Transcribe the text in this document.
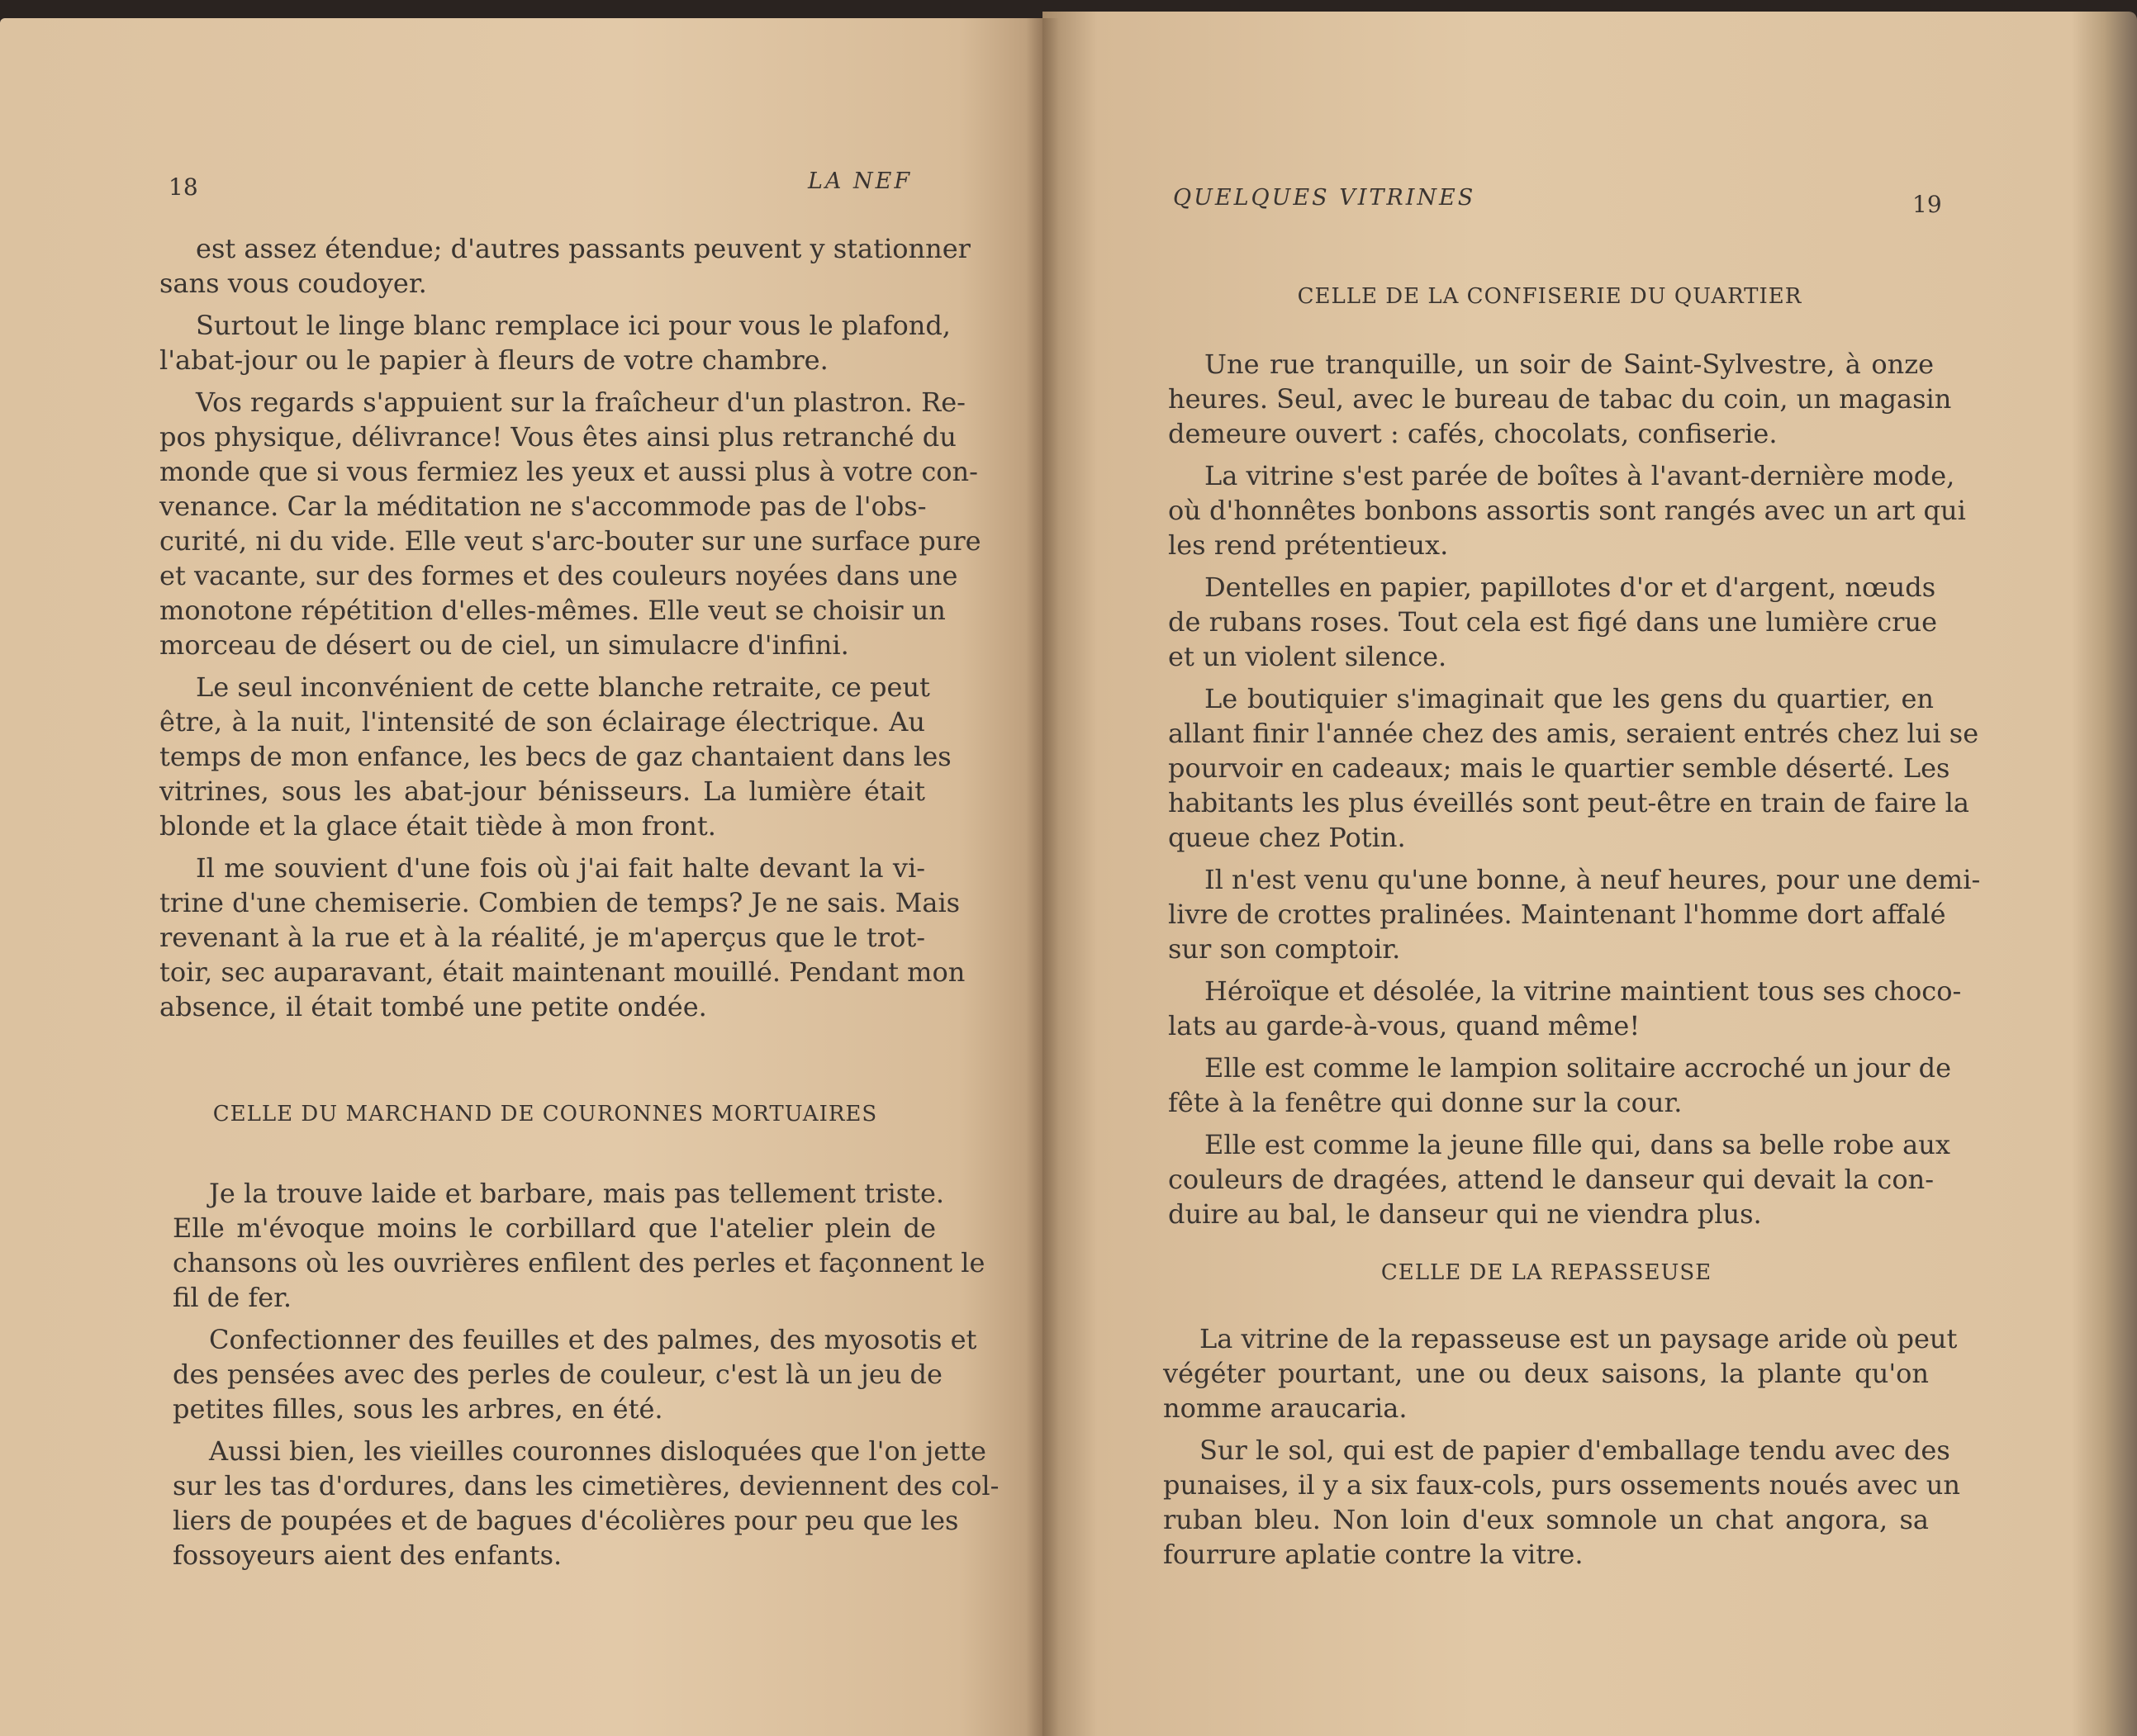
18	LA NEF
est assez étendue; d'autres passants peuvent y stationner
sans vous coudoyer.
Surtout le linge blanc remplace ici pour vous le plafond,
l'abat-jour ou le papier à fleurs de votre chambre.
Vos regards s'appuient sur la fraîcheur d'un plastron. Re-
pos physique, délivrance! Vous êtes ainsi plus retranché du
monde que si vous fermiez les yeux et aussi plus à votre con-
venance. Car la méditation ne s'accommode pas de l'obs-
curité, ni du vide. Elle veut s'arc-bouter sur une surface pure
et vacante, sur des formes et des couleurs noyées dans une
monotone répétition d'elles-mêmes. Elle veut se choisir un
morceau de désert ou de ciel, un simulacre d'infini.
Le seul inconvénient de cette blanche retraite, ce peut
être, à la nuit, l'intensité de son éclairage électrique. Au
temps de mon enfance, les becs de gaz chantaient dans les
vitrines, sous les abat-jour bénisseurs. La lumière était
blonde et la glace était tiède à mon front.
Il me souvient d'une fois où j'ai fait halte devant la vi-
trine d'une chemiserie. Combien de temps? Je ne sais. Mais
revenant à la rue et à la réalité, je m'aperçus que le trot-
toir, sec auparavant, était maintenant mouillé. Pendant mon
absence, il était tombé une petite ondée.
CELLE DU MARCHAND DE COURONNES MORTUAIRES
Je la trouve laide et barbare, mais pas tellement triste.
Elle m'évoque moins le corbillard que l'atelier plein de
chansons où les ouvrières enfilent des perles et façonnent le
fil de fer.
Confectionner des feuilles et des palmes, des myosotis et
des pensées avec des perles de couleur, c'est là un jeu de
petites filles, sous les arbres, en été.
Aussi bien, les vieilles couronnes disloquées que l'on jette
sur les tas d'ordures, dans les cimetières, deviennent des col-
liers de poupées et de bagues d'écolières pour peu que les
fossoyeurs aient des enfants.
QUELQUES VITRINES	19
CELLE DE LA CONFISERIE DU QUARTIER
Une rue tranquille, un soir de Saint-Sylvestre, à onze
heures. Seul, avec le bureau de tabac du coin, un magasin
demeure ouvert : cafés, chocolats, confiserie.
La vitrine s'est parée de boîtes à l'avant-dernière mode,
où d'honnêtes bonbons assortis sont rangés avec un art qui
les rend prétentieux.
Dentelles en papier, papillotes d'or et d'argent, nœuds
de rubans roses. Tout cela est figé dans une lumière crue
et un violent silence.
Le boutiquier s'imaginait que les gens du quartier, en
allant finir l'année chez des amis, seraient entrés chez lui se
pourvoir en cadeaux; mais le quartier semble déserté. Les
habitants les plus éveillés sont peut-être en train de faire la
queue chez Potin.
Il n'est venu qu'une bonne, à neuf heures, pour une demi-
livre de crottes pralinées. Maintenant l'homme dort affalé
sur son comptoir.
Héroïque et désolée, la vitrine maintient tous ses choco-
lats au garde-à-vous, quand même!
Elle est comme le lampion solitaire accroché un jour de
fête à la fenêtre qui donne sur la cour.
Elle est comme la jeune fille qui, dans sa belle robe aux
couleurs de dragées, attend le danseur qui devait la con-
duire au bal, le danseur qui ne viendra plus.
CELLE DE LA REPASSEUSE
La vitrine de la repasseuse est un paysage aride où peut
végéter pourtant, une ou deux saisons, la plante qu'on
nomme araucaria.
Sur le sol, qui est de papier d'emballage tendu avec des
punaises, il y a six faux-cols, purs ossements noués avec un
ruban bleu. Non loin d'eux somnole un chat angora, sa
fourrure aplatie contre la vitre.
